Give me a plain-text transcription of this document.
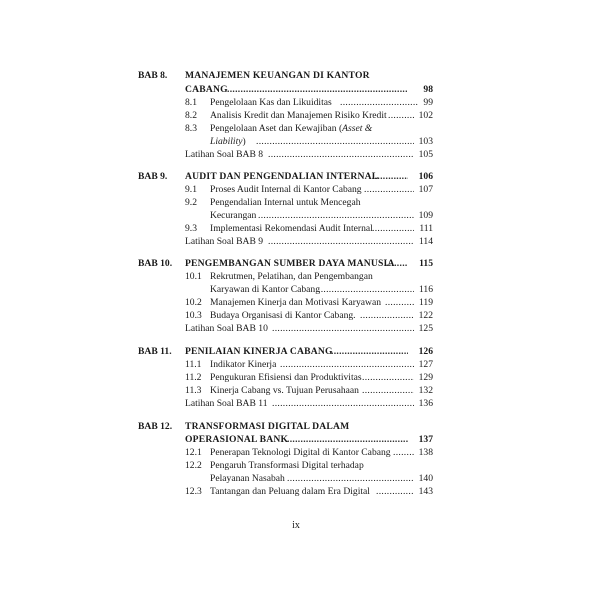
BAB 8. MANAJEMEN KEUANGAN DI KANTOR
CABANG .....	98
8.1 Pengelolaan Kas dan Likuiditas .....	99
8.2 Analisis Kredit dan Manajemen Risiko Kredit .....	102
8.3 Pengelolaan Aset dan Kewajiban (Asset &
Liability) .....	103
Latihan Soal BAB 8 .....	105
BAB 9. AUDIT DAN PENGENDALIAN INTERNAL .....	106
9.1 Proses Audit Internal di Kantor Cabang .....	107
9.2 Pengendalian Internal untuk Mencegah
Kecurangan .....	109
9.3 Implementasi Rekomendasi Audit Internal .....	111
Latihan Soal BAB 9 .....	114
BAB 10. PENGEMBANGAN SUMBER DAYA MANUSIA .....	115
10.1 Rekrutmen, Pelatihan, dan Pengembangan
Karyawan di Kantor Cabang .....	116
10.2 Manajemen Kinerja dan Motivasi Karyawan .....	119
10.3 Budaya Organisasi di Kantor Cabang. .....	122
Latihan Soal BAB 10 .....	125
BAB 11. PENILAIAN KINERJA CABANG .....	126
11.1 Indikator Kinerja .....	127
11.2 Pengukuran Efisiensi dan Produktivitas .....	129
11.3 Kinerja Cabang vs. Tujuan Perusahaan .....	132
Latihan Soal BAB 11 .....	136
BAB 12. TRANSFORMASI DIGITAL DALAM
OPERASIONAL BANK .....	137
12.1 Penerapan Teknologi Digital di Kantor Cabang .....	138
12.2 Pengaruh Transformasi Digital terhadap
Pelayanan Nasabah .....	140
12.3 Tantangan dan Peluang dalam Era Digital .....	143
ix
